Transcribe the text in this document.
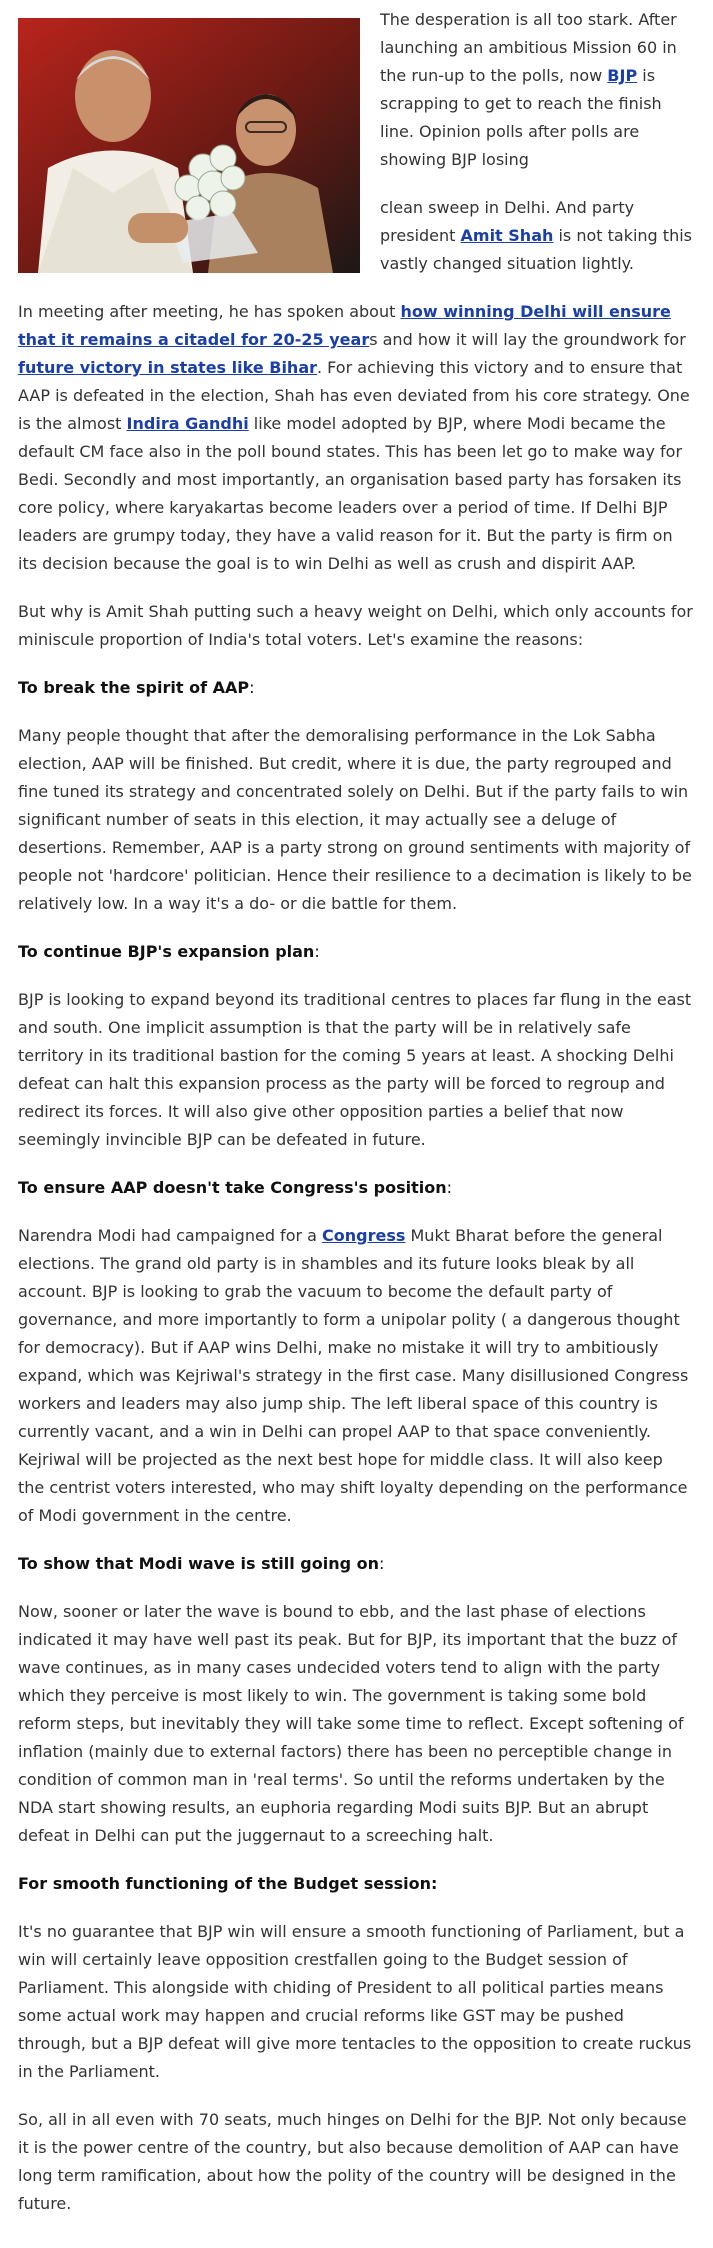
The desperation is all too stark. After launching an ambitious Mission 60 in the run-up to the polls, now BJP is scrapping to get to reach the finish line. Opinion polls after polls are showing BJP losing
clean sweep in Delhi. And party president Amit Shah is not taking this vastly changed situation lightly.

In meeting after meeting, he has spoken about how winning Delhi will ensure that it remains a citadel for 20-25 years and how it will lay the groundwork for future victory in states like Bihar. For achieving this victory and to ensure that AAP is defeated in the election, Shah has even deviated from his core strategy. One is the almost Indira Gandhi like model adopted by BJP, where Modi became the default CM face also in the poll bound states. This has been let go to make way for Bedi. Secondly and most importantly, an organisation based party has forsaken its core policy, where karyakartas become leaders over a period of time. If Delhi BJP leaders are grumpy today, they have a valid reason for it. But the party is firm on its decision because the goal is to win Delhi as well as crush and dispirit AAP.

But why is Amit Shah putting such a heavy weight on Delhi, which only accounts for miniscule proportion of India's total voters. Let's examine the reasons:

To break the spirit of AAP:

Many people thought that after the demoralising performance in the Lok Sabha election, AAP will be finished. But credit, where it is due, the party regrouped and fine tuned its strategy and concentrated solely on Delhi. But if the party fails to win significant number of seats in this election, it may actually see a deluge of desertions. Remember, AAP is a party strong on ground sentiments with majority of people not 'hardcore' politician. Hence their resilience to a decimation is likely to be relatively low. In a way it's a do- or die battle for them.

To continue BJP's expansion plan:

BJP is looking to expand beyond its traditional centres to places far flung in the east and south. One implicit assumption is that the party will be in relatively safe territory in its traditional bastion for the coming 5 years at least. A shocking Delhi defeat can halt this expansion process as the party will be forced to regroup and redirect its forces. It will also give other opposition parties a belief that now seemingly invincible BJP can be defeated in future.

To ensure AAP doesn't take Congress's position:

Narendra Modi had campaigned for a Congress Mukt Bharat before the general elections. The grand old party is in shambles and its future looks bleak by all account. BJP is looking to grab the vacuum to become the default party of governance, and more importantly to form a unipolar polity ( a dangerous thought for democracy). But if AAP wins Delhi, make no mistake it will try to ambitiously expand, which was Kejriwal's strategy in the first case. Many disillusioned Congress workers and leaders may also jump ship. The left liberal space of this country is currently vacant, and a win in Delhi can propel AAP to that space conveniently. Kejriwal will be projected as the next best hope for middle class. It will also keep the centrist voters interested, who may shift loyalty depending on the performance of Modi government in the centre.

To show that Modi wave is still going on:

Now, sooner or later the wave is bound to ebb, and the last phase of elections indicated it may have well past its peak. But for BJP, its important that the buzz of wave continues, as in many cases undecided voters tend to align with the party which they perceive is most likely to win. The government is taking some bold reform steps, but inevitably they will take some time to reflect. Except softening of inflation (mainly due to external factors) there has been no perceptible change in condition of common man in 'real terms'. So until the reforms undertaken by the NDA start showing results, an euphoria regarding Modi suits BJP. But an abrupt defeat in Delhi can put the juggernaut to a screeching halt.

For smooth functioning of the Budget session:

It's no guarantee that BJP win will ensure a smooth functioning of Parliament, but a win will certainly leave opposition crestfallen going to the Budget session of Parliament. This alongside with chiding of President to all political parties means some actual work may happen and crucial reforms like GST may be pushed through, but a BJP defeat will give more tentacles to the opposition to create ruckus in the Parliament.

So, all in all even with 70 seats, much hinges on Delhi for the BJP. Not only because it is the power centre of the country, but also because demolition of AAP can have long term ramification, about how the polity of the country will be designed in the future.
